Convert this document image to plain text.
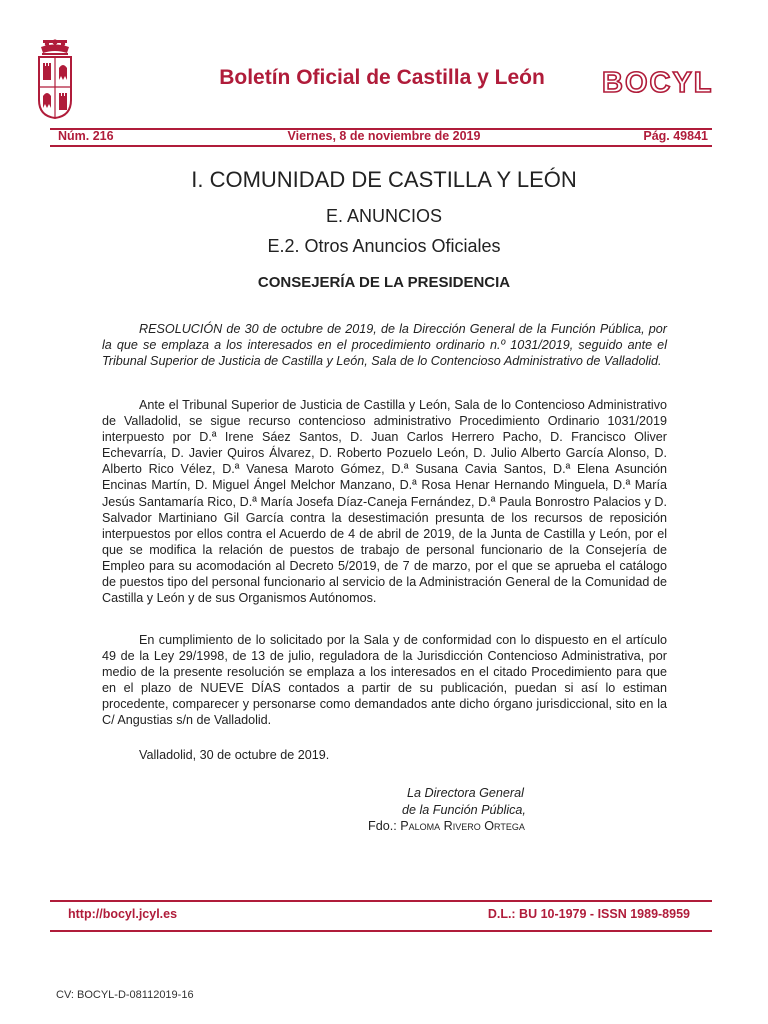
Boletín Oficial de Castilla y León	BOCYL
Núm. 216	Viernes, 8 de noviembre de 2019	Pág. 49841
I. COMUNIDAD DE CASTILLA Y LEÓN
E. ANUNCIOS
E.2. Otros Anuncios Oficiales
CONSEJERÍA DE LA PRESIDENCIA
RESOLUCIÓN de 30 de octubre de 2019, de la Dirección General de la Función Pública, por la que se emplaza a los interesados en el procedimiento ordinario n.º 1031/2019, seguido ante el Tribunal Superior de Justicia de Castilla y León, Sala de lo Contencioso Administrativo de Valladolid.
Ante el Tribunal Superior de Justicia de Castilla y León, Sala de lo Contencioso Administrativo de Valladolid, se sigue recurso contencioso administrativo Procedimiento Ordinario 1031/2019 interpuesto por D.ª Irene Sáez Santos, D. Juan Carlos Herrero Pacho, D. Francisco Oliver Echevarría, D. Javier Quiros Álvarez, D. Roberto Pozuelo León, D. Julio Alberto García Alonso, D. Alberto Rico Vélez, D.ª Vanesa Maroto Gómez, D.ª Susana Cavia Santos, D.ª Elena Asunción Encinas Martín, D. Miguel Ángel Melchor Manzano, D.ª Rosa Henar Hernando Minguela, D.ª María Jesús Santamaría Rico, D.ª María Josefa Díaz-Caneja Fernández, D.ª Paula Bonrostro Palacios y D. Salvador Martiniano Gil García contra la desestimación presunta de los recursos de reposición interpuestos por ellos contra el Acuerdo de 4 de abril de 2019, de la Junta de Castilla y León, por el que se modifica la relación de puestos de trabajo de personal funcionario de la Consejería de Empleo para su acomodación al Decreto 5/2019, de 7 de marzo, por el que se aprueba el catálogo de puestos tipo del personal funcionario al servicio de la Administración General de la Comunidad de Castilla y León y de sus Organismos Autónomos.
En cumplimiento de lo solicitado por la Sala y de conformidad con lo dispuesto en el artículo 49 de la Ley 29/1998, de 13 de julio, reguladora de la Jurisdicción Contencioso Administrativa, por medio de la presente resolución se emplaza a los interesados en el citado Procedimiento para que en el plazo de NUEVE DÍAS contados a partir de su publicación, puedan si así lo estiman procedente, comparecer y personarse como demandados ante dicho órgano jurisdiccional, sito en la C/ Angustias s/n de Valladolid.
Valladolid, 30 de octubre de 2019.
La Directora General
de la Función Pública,
Fdo.: Paloma Rivero Ortega
http://bocyl.jcyl.es	D.L.: BU 10-1979 - ISSN 1989-8959
CV: BOCYL-D-08112019-16
